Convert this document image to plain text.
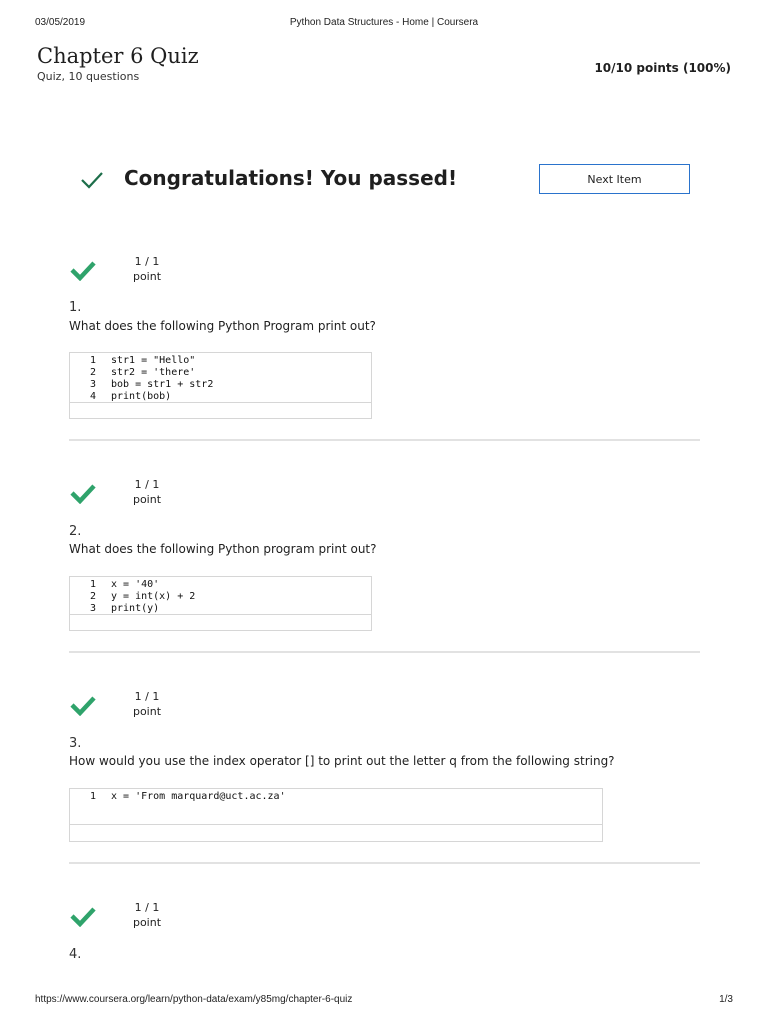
03/05/2019	Python Data Structures - Home | Coursera
Chapter 6 Quiz
Quiz, 10 questions
10/10 points (100%)
Congratulations! You passed!	Next Item
1 / 1
point
1.
What does the following Python Program print out?
1	str1 = "Hello"
2	str2 = 'there'
3	bob = str1 + str2
4	print(bob)
1 / 1
point
2.
What does the following Python program print out?
1	x = '40'
2	y = int(x) + 2
3	print(y)
1 / 1
point
3.
How would you use the index operator [] to print out the letter q from the following string?
1	x = 'From marquard@uct.ac.za'
1 / 1
point
4.
https://www.coursera.org/learn/python-data/exam/y85mg/chapter-6-quiz	1/3
